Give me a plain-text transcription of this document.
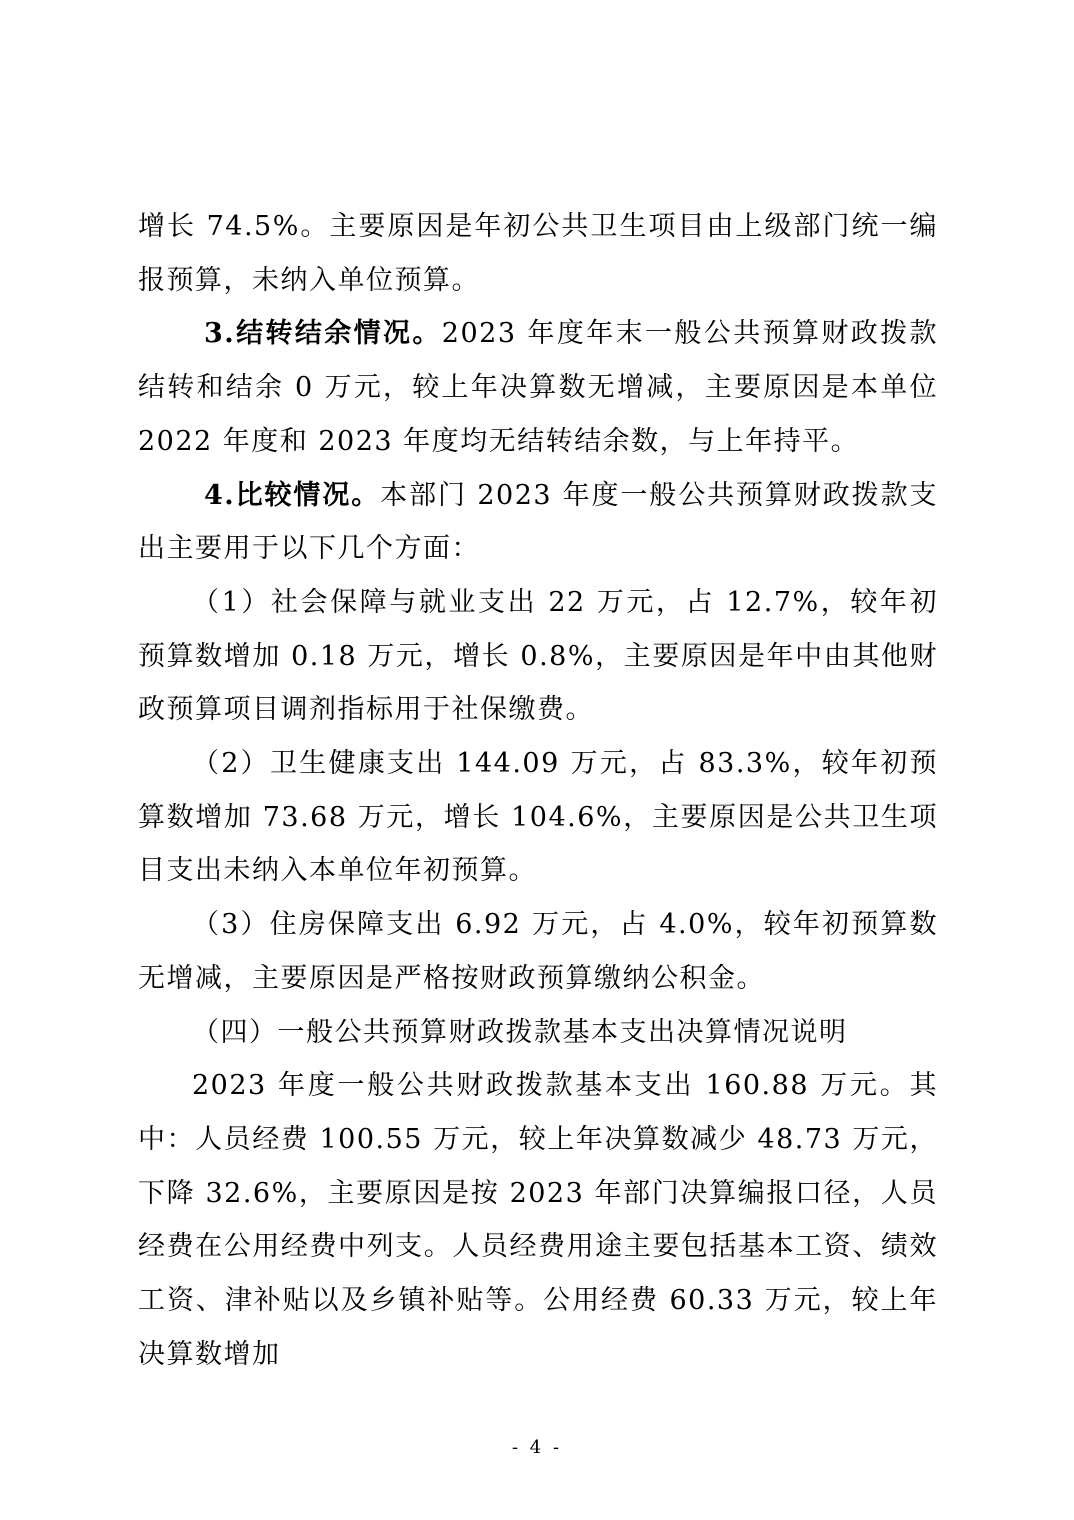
增长 74.5%。主要原因是年初公共卫生项目由上级部门统一编报预算，未纳入单位预算。

3.结转结余情况。2023 年度年末一般公共预算财政拨款结转和结余 0 万元，较上年决算数无增减，主要原因是本单位 2022 年度和 2023 年度均无结转结余数，与上年持平。

4.比较情况。本部门 2023 年度一般公共预算财政拨款支出主要用于以下几个方面：

（1）社会保障与就业支出 22 万元，占 12.7%，较年初预算数增加 0.18 万元，增长 0.8%，主要原因是年中由其他财政预算项目调剂指标用于社保缴费。

（2）卫生健康支出 144.09 万元，占 83.3%，较年初预算数增加 73.68 万元，增长 104.6%，主要原因是公共卫生项目支出未纳入本单位年初预算。

（3）住房保障支出 6.92 万元，占 4.0%，较年初预算数无增减，主要原因是严格按财政预算缴纳公积金。

（四）一般公共预算财政拨款基本支出决算情况说明

2023 年度一般公共财政拨款基本支出 160.88 万元。其中：人员经费 100.55 万元，较上年决算数减少 48.73 万元，下降 32.6%，主要原因是按 2023 年部门决算编报口径，人员经费在公用经费中列支。人员经费用途主要包括基本工资、绩效工资、津补贴以及乡镇补贴等。公用经费 60.33 万元，较上年决算数增加

- 4 -
